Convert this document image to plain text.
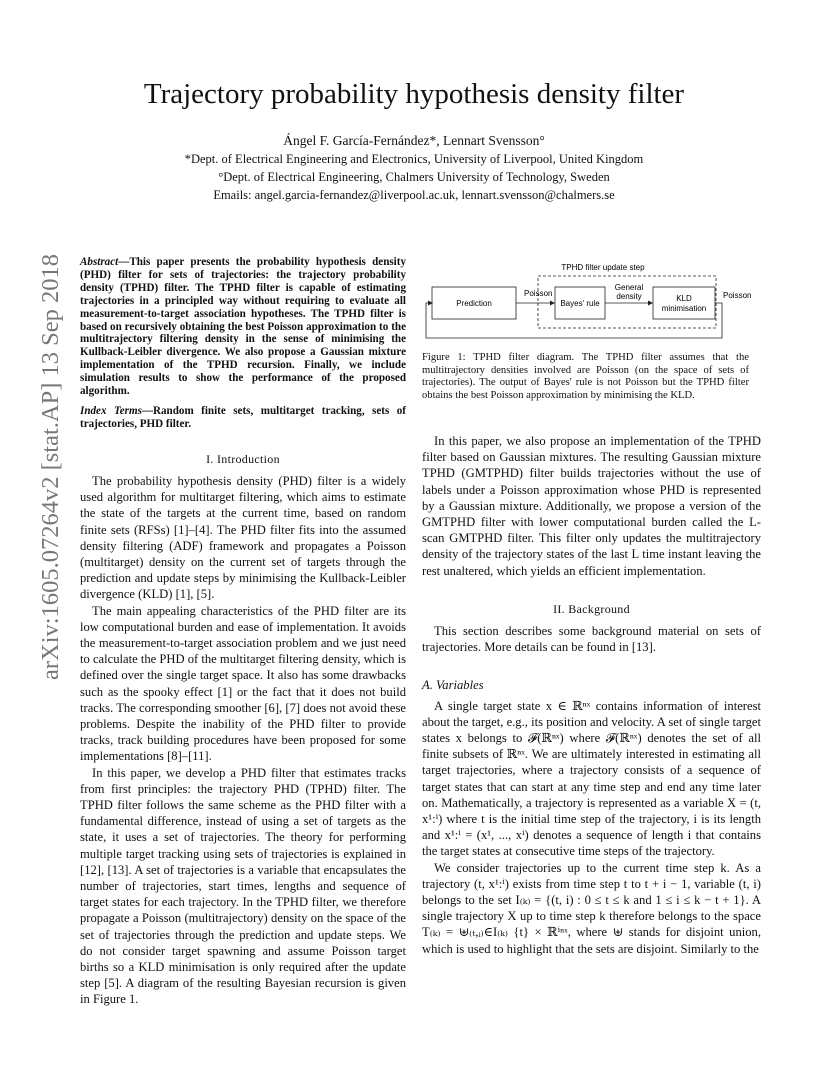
arXiv:1605.07264v2 [stat.AP] 13 Sep 2018
Trajectory probability hypothesis density filter
Ángel F. García-Fernández*, Lennart Svensson°
*Dept. of Electrical Engineering and Electronics, University of Liverpool, United Kingdom
°Dept. of Electrical Engineering, Chalmers University of Technology, Sweden
Emails: angel.garcia-fernandez@liverpool.ac.uk, lennart.svensson@chalmers.se
Abstract—This paper presents the probability hypothesis density (PHD) filter for sets of trajectories: the trajectory probability density (TPHD) filter. The TPHD filter is capable of estimating trajectories in a principled way without requiring to evaluate all measurement-to-target association hypotheses. The TPHD filter is based on recursively obtaining the best Poisson approximation to the multitrajectory filtering density in the sense of minimising the Kullback-Leibler divergence. We also propose a Gaussian mixture implementation of the TPHD recursion. Finally, we include simulation results to show the performance of the proposed algorithm.
Index Terms—Random finite sets, multitarget tracking, sets of trajectories, PHD filter.

I. Introduction

The probability hypothesis density (PHD) filter is a widely used algorithm for multitarget filtering, which aims to estimate the state of the targets at the current time, based on random finite sets (RFSs) [1]–[4]. The PHD filter fits into the assumed density filtering (ADF) framework and propagates a Poisson (multitarget) density on the current set of targets through the prediction and update steps by minimising the Kullback-Leibler divergence (KLD) [1], [5].

The main appealing characteristics of the PHD filter are its low computational burden and ease of implementation. It avoids the measurement-to-target association problem and we just need to calculate the PHD of the multitarget filtering density, which is defined over the single target space. It also has some drawbacks such as the spooky effect [1] or the fact that it does not build tracks. The corresponding smoother [6], [7] does not avoid these problems. Despite the inability of the PHD filter to provide tracks, track building procedures have been proposed for some implementations [8]–[11].

In this paper, we develop a PHD filter that estimates tracks from first principles: the trajectory PHD (TPHD) filter. The TPHD filter follows the same scheme as the PHD filter with a fundamental difference, instead of using a set of targets as the state, it uses a set of trajectories. The theory for performing multiple target tracking using sets of trajectories is explained in [12], [13]. A set of trajectories is a variable that encapsulates the number of trajectories, start times, lengths and sequence of target states for each trajectory. In the TPHD filter, we therefore propagate a Poisson (multitrajectory) density on the space of the set of trajectories through the prediction and update steps. We do not consider target spawning and assume Poisson target births so a KLD minimisation is only required after the update step [5]. A diagram of the resulting Bayesian recursion is given in Figure 1.

TPHD filter update step
Prediction
Poisson
Bayes' rule
General
density	KLD
minimisation
Poisson
Figure 1: TPHD filter diagram. The TPHD filter assumes that the multitrajectory densities involved are Poisson (on the space of sets of trajectories). The output of Bayes' rule is not Poisson but the TPHD filter obtains the best Poisson approximation by minimising the KLD.

In this paper, we also propose an implementation of the TPHD filter based on Gaussian mixtures. The resulting Gaussian mixture TPHD (GMTPHD) filter builds trajectories without the use of labels under a Poisson approximation whose PHD is represented by a Gaussian mixture. Additionally, we propose a version of the GMTPHD filter with lower computational burden called the L-scan GMTPHD filter. This filter only updates the multitrajectory density of the trajectory states of the last L time instant leaving the rest unaltered, which yields an efficient implementation.

II. Background

This section describes some background material on sets of trajectories. More details can be found in [13].

A. Variables

A single target state x ∈ ℝⁿˣ contains information of interest about the target, e.g., its position and velocity. A set of single target states x belongs to 𝓕(ℝⁿˣ) where 𝓕(ℝⁿˣ) denotes the set of all finite subsets of ℝⁿˣ. We are ultimately interested in estimating all target trajectories, where a trajectory consists of a sequence of target states that can start at any time step and end any time later on. Mathematically, a trajectory is represented as a variable X = (t, x¹:ⁱ) where t is the initial time step of the trajectory, i is its length and x¹:ⁱ = (x¹, ..., xⁱ) denotes a sequence of length i that contains the target states at consecutive time steps of the trajectory.

We consider trajectories up to the current time step k. As a trajectory (t, x¹:ⁱ) exists from time step t to t + i − 1, variable (t, i) belongs to the set I₍ₖ₎ = {(t, i) : 0 ≤ t ≤ k and 1 ≤ i ≤ k − t + 1}. A single trajectory X up to time step k therefore belongs to the space T₍ₖ₎ = ⊎₍ₜ,ᵢ₎∈I₍ₖ₎ {t} × ℝⁱⁿˣ, where ⊎ stands for disjoint union, which is used to highlight that the sets are disjoint. Similarly to the
